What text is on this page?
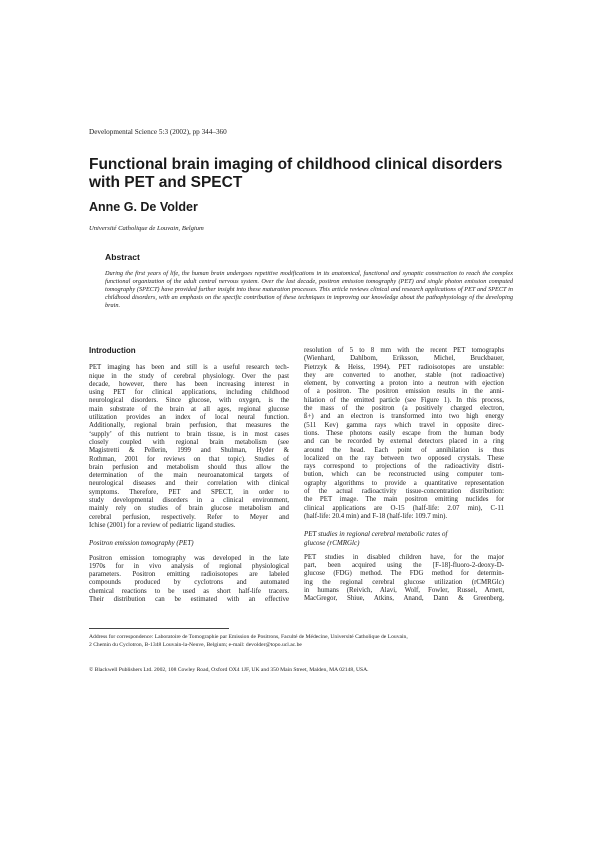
Developmental Science 5:3 (2002), pp 344–360
Functional brain imaging of childhood clinical disorders with PET and SPECT
Anne G. De Volder
Université Catholique de Louvain, Belgium
Abstract
During the first years of life, the human brain undergoes repetitive modifications in its anatomical, functional and synaptic construction to reach the complex functional organization of the adult central nervous system. Over the last decade, positron emission tomography (PET) and single photon emission computed tomography (SPECT) have provided further insight into these maturation processes. This article reviews clinical and research applications of PET and SPECT in childhood disorders, with an emphasis on the specific contribution of these techniques in improving our knowledge about the pathophysiology of the developing brain.
Introduction
PET imaging has been and still is a useful research tech-
nique in the study of cerebral physiology. Over the past
decade, however, there has been increasing interest in
using PET for clinical applications, including childhood
neurological disorders. Since glucose, with oxygen, is the
main substrate of the brain at all ages, regional glucose
utilization provides an index of local neural function.
Additionally, regional brain perfusion, that measures the
‘supply’ of this nutrient to brain tissue, is in most cases
closely coupled with regional brain metabolism (see
Magistretti & Pellerin, 1999 and Shulman, Hyder &
Rothman, 2001 for reviews on that topic). Studies of
brain perfusion and metabolism should thus allow the
determination of the main neuroanatomical targets of
neurological diseases and their correlation with clinical
symptoms. Therefore, PET and SPECT, in order to
study developmental disorders in a clinical environment,
mainly rely on studies of brain glucose metabolism and
cerebral perfusion, respectively. Refer to Meyer and
Ichise (2001) for a review of pediatric ligand studies.
Positron emission tomography (PET)
Positron emission tomography was developed in the late
1970s for in vivo analysis of regional physiological
parameters. Positron emitting radioisotopes are labeled
compounds produced by cyclotrons and automated
chemical reactions to be used as short half-life tracers.
Their distribution can be estimated with an effective
resolution of 5 to 8 mm with the recent PET tomographs
(Wienhard, Dahlbom, Eriksson, Michel, Bruckbauer,
Pietrzyk & Heiss, 1994). PET radioisotopes are unstable:
they are converted to another, stable (not radioactive)
element, by converting a proton into a neutron with ejection
of a positron. The positron emission results in the anni-
hilation of the emitted particle (see Figure 1). In this process,
the mass of the positron (a positively charged electron,
ß+) and an electron is transformed into two high energy
(511 Kev) gamma rays which travel in opposite direc-
tions. These photons easily escape from the human body
and can be recorded by external detectors placed in a ring
around the head. Each point of annihilation is thus
localized on the ray between two opposed crystals. These
rays correspond to projections of the radioactivity distri-
bution, which can be reconstructed using computer tom-
ography algorithms to provide a quantitative representation
of the actual radioactivity tissue-concentration distribution:
the PET image. The main positron emitting nuclides for
clinical applications are O-15 (half-life: 2.07 min), C-11
(half-life: 20.4 min) and F-18 (half-life: 109.7 min).
PET studies in regional cerebral metabolic rates of
glucose (rCMRGlc)
PET studies in disabled children have, for the major
part, been acquired using the [F-18]-fluoro-2-deoxy-D-
glucose (FDG) method. The FDG method for determin-
ing the regional cerebral glucose utilization (rCMRGlc)
in humans (Reivich, Alavi, Wolf, Fowler, Russel, Arnett,
MacGregor, Shiue, Atkins, Anand, Dann & Greenberg,
Address for correspondence: Laboratoire de Tomographie par Emission de Positrons, Faculté de Médecine, Université Catholique de Louvain,
2 Chemin du Cyclotron, B-1348 Louvain-la-Neuve, Belgium; e-mail: devolder@topo.ucl.ac.be
© Blackwell Publishers Ltd. 2002, 108 Cowley Road, Oxford OX4 1JF, UK and 350 Main Street, Malden, MA 02148, USA.
